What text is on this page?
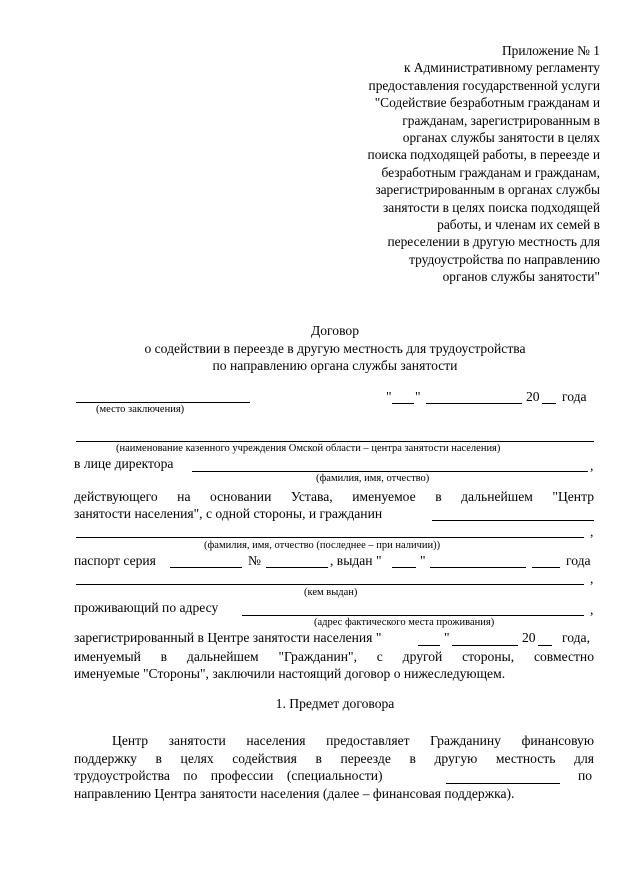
Приложение № 1
к Административному регламенту
предоставления государственной услуги
"Содействие безработным гражданам и
гражданам, зарегистрированным в
органах службы занятости в целях
поиска подходящей работы, в переезде и
безработным гражданам и гражданам,
зарегистрированным в органах службы
занятости в целях поиска подходящей
работы, и членам их семей в
переселении в другую местность для
трудоустройства по направлению
органов службы занятости"
Договор
о содействии в переезде в другую местность для трудоустройства
по направлению органа службы занятости
(место заключения)
" "	20 года
(наименование казенного учреждения Омской области – центра занятости населения)
в лице директора	,
(фамилия, имя, отчество)
действующего на основании Устава, именуемое в дальнейшем "Центр
занятости населения", с одной стороны, и гражданин
,
(фамилия, имя, отчество (последнее – при наличии))
паспорт серия	№	, выдан "	"	года
,
(кем выдан)
проживающий по адресу	,
(адрес фактического места проживания)
зарегистрированный в Центре занятости населения "	"	20 года,
именуемый в дальнейшем "Гражданин", с другой стороны, совместно
именуемые "Стороны", заключили настоящий договор о нижеследующем.
1. Предмет договора
Центр занятости населения предоставляет Гражданину финансовую
поддержку в целях содействия в переезде в другую местность для
трудоустройства по профессии (специальности)	по
направлению Центра занятости населения (далее – финансовая поддержка).
